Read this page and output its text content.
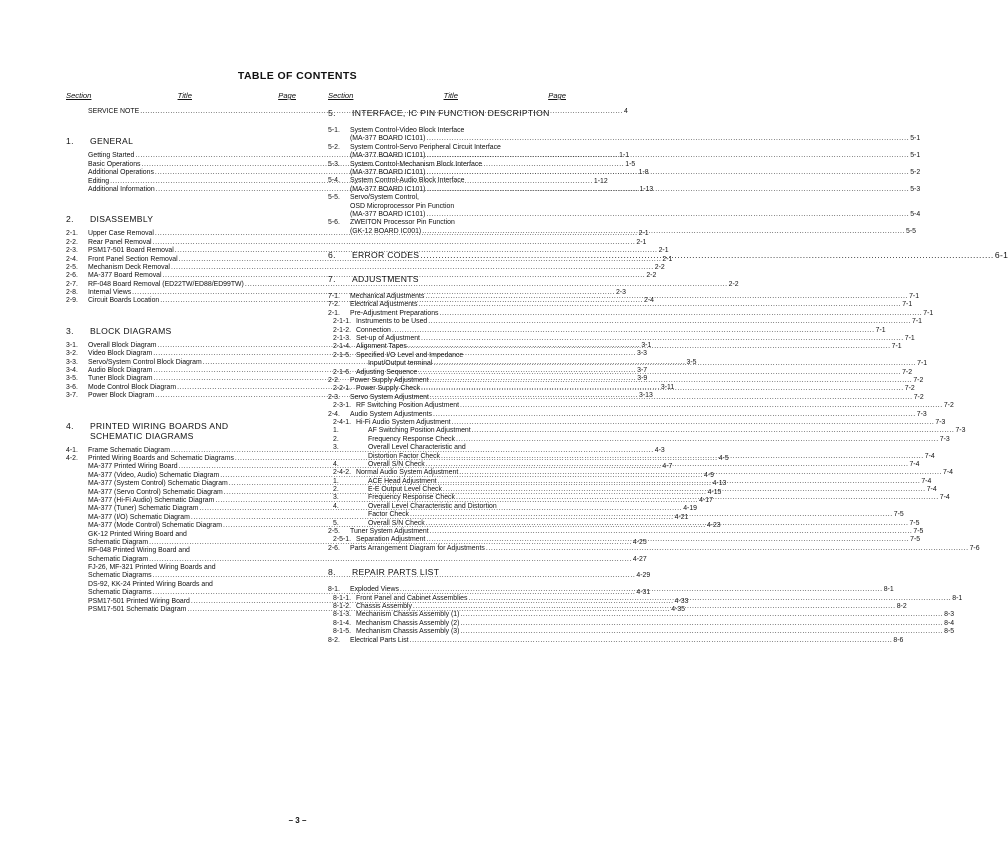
TABLE OF CONTENTS
Section	Title	Page
SERVICE NOTE .....	4
1.	GENERAL
Getting Started .....	1-1
Basic Operations .....	1-5
Additional Operations .....	1-8
Editing .....	1-12
Additional Information .....	1-13
2.	DISASSEMBLY
2-1.	Upper Case Removal .....	2-1
2-2.	Rear Panel Removal .....	2-1
2-3.	PSM17-501 Board Removal .....	2-1
2-4.	Front Panel Section Removal .....	2-1
2-5.	Mechanism Deck Removal .....	2-2
2-6.	MA-377 Board Removal .....	2-2
2-7.	RF-048 Board Removal (ED22TW/ED88/ED99TW) .....	2-2
2-8.	Internal Views .....	2-3
2-9.	Circuit Boards Location .....	2-4
3.	BLOCK DIAGRAMS
3-1.	Overall Block Diagram .....	3-1
3-2.	Video Block Diagram .....	3-3
3-3.	Servo/System Control Block Diagram .....	3-5
3-4.	Audio Block Diagram .....	3-7
3-5.	Tuner Block Diagram .....	3-9
3-6.	Mode Control Block Diagram .....	3-11
3-7.	Power Block Diagram .....	3-13
4.	PRINTED WIRING BOARDS AND
SCHEMATIC DIAGRAMS
4-1.	Frame Schematic Diagram .....	4-3
4-2.	Printed Wiring Boards and Schematic Diagrams .....	4-5
MA-377 Printed Wiring Board .....	4-7
MA-377 (Video, Audio) Schematic Diagram .....	4-9
MA-377 (System Control) Schematic Diagram .....	4-13
MA-377 (Servo Control) Schematic Diagram .....	4-15
MA-377 (Hi-Fi Audio) Schematic Diagram .....	4-17
MA-377 (Tuner) Schematic Diagram .....	4-19
MA-377 (I/O) Schematic Diagram .....	4-21
MA-377 (Mode Control) Schematic Diagram .....	4-23
GK-12 Printed Wiring Board and
Schematic Diagram .....	4-25
RF-048 Printed Wiring Board and
Schematic Diagram .....	4-27
FJ-26, MF-321 Printed Wiring Boards and
Schematic Diagrams .....	4-29
DS-92, KK-24 Printed Wiring Boards and
Schematic Diagrams .....	4-31
PSM17-501 Printed Wiring Board .....	4-33
PSM17-501 Schematic Diagram .....	4-35
Section	Title	Page
5.	INTERFACE, IC PIN FUNCTION DESCRIPTION
5-1.	System Control-Video Block Interface
(MA-377 BOARD IC101) .....	5-1
5-2.	System Control-Servo Peripheral Circuit Interface
(MA-377 BOARD IC101) .....	5-1
5-3.	System Control-Mechanism Block Interface
(MA-377 BOARD IC101) .....	5-2
5-4.	System Control-Audio Block Interface
(MA-377 BOARD IC101) .....	5-3
5-5.	Servo/System Control,
OSD Microprocessor Pin Function
(MA-377 BOARD IC101) .....	5-4
5-6.	ZWEITON Processor Pin Function
(GK-12 BOARD IC001) .....	5-5
6.	ERROR CODES .....	6-1
7.	ADJUSTMENTS
7-1.	Mechanical Adjustments .....	7-1
7-2.	Electrical Adjustments .....	7-1
2-1.	Pre-Adjustment Preparations .....	7-1
2-1-1. Instruments to be Used .....	7-1
2-1-2. Connection .....	7-1
2-1-3. Set-up of Adjustment .....	7-1
2-1-4. Alignment Tapes .....	7-1
2-1-5. Specified I/O Level and Impedance
Input/Output terminal .....	7-1
2-1-6. Adjusting Sequence .....	7-2
2-2.	Power Supply Adjustment .....	7-2
2-2-1. Power Supply Check .....	7-2
2-3.	Servo System Adjustment .....	7-2
2-3-1. RF Switching Position Adjustment .....	7-2
2-4.	Audio System Adjustments .....	7-3
2-4-1. Hi-Fi Audio System Adjustment .....	7-3
1.	AF Switching Position Adjustment .....	7-3
2.	Frequency Response Check .....	7-3
3.	Overall Level Characteristic and
Distortion Factor Check .....	7-4
4.	Overall S/N Check .....	7-4
2-4-2. Normal Audio System Adjustment .....	7-4
1.	ACE Head Adjustment .....	7-4
2.	E-E Output Level Check .....	7-4
3.	Frequency Response Check .....	7-4
4.	Overall Level Characteristic and Distortion
Factor Check .....	7-5
5.	Overall S/N Check .....	7-5
2-5.	Tuner System Adjustment .....	7-5
2-5-1. Separation Adjustment .....	7-5
2-6.	Parts Arrangement Diagram for Adjustments .....	7-6
8.	REPAIR PARTS LIST
8-1.	Exploded Views .....	8-1
8-1-1. Front Panel and Cabinet Assemblies .....	8-1
8-1-2. Chassis Assembly .....	8-2
8-1-3. Mechanism Chassis Assembly (1) .....	8-3
8-1-4. Mechanism Chassis Assembly (2) .....	8-4
8-1-5. Mechanism Chassis Assembly (3) .....	8-5
8-2.	Electrical Parts List .....	8-6
– 3 –
